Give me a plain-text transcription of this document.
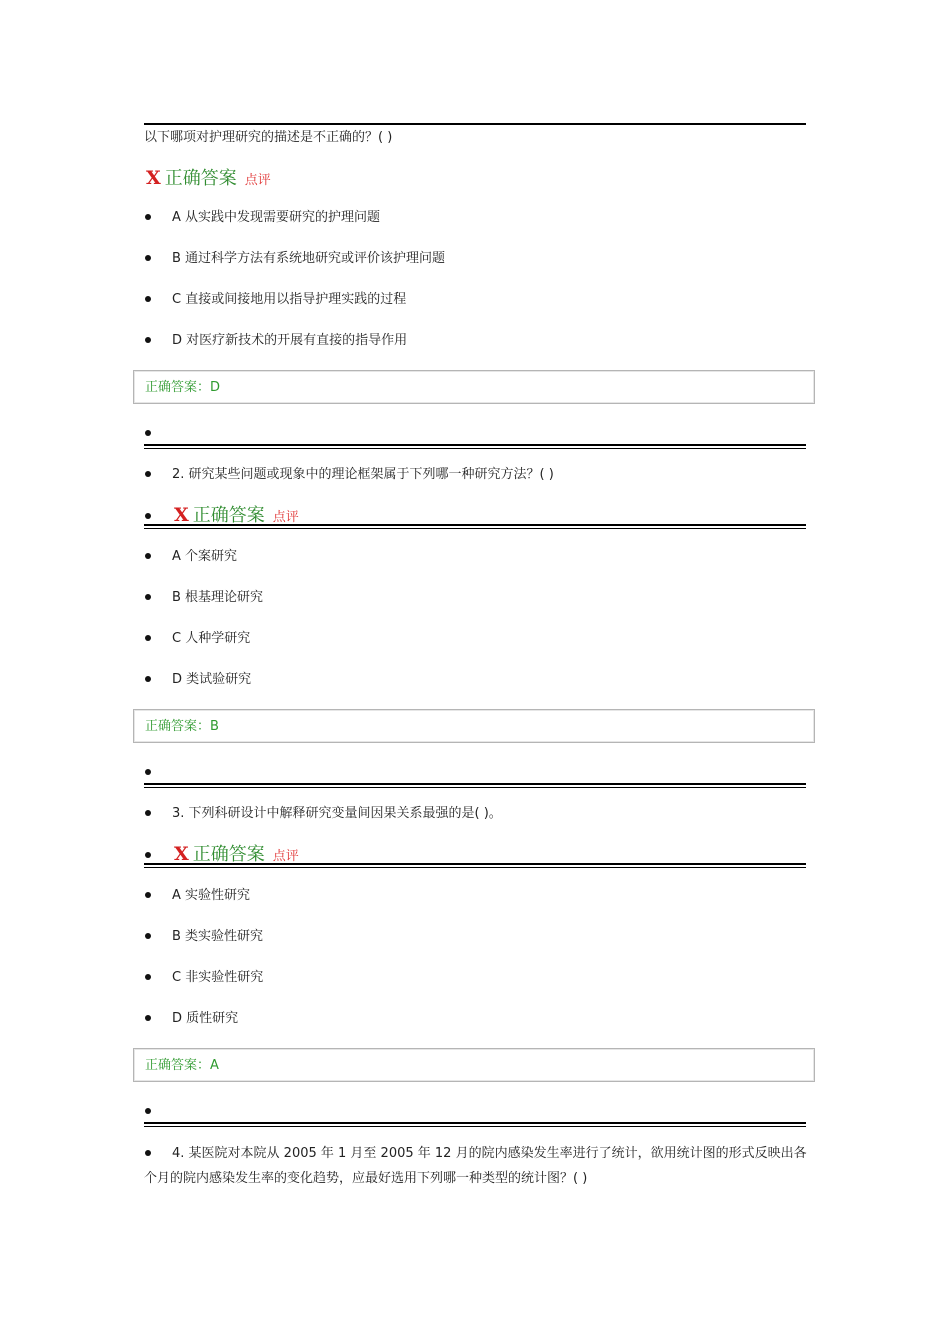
以下哪项对护理研究的描述是不正确的？( )
X 正确答案 点评
A 从实践中发现需要研究的护理问题
B 通过科学方法有系统地研究或评价该护理问题
C 直接或间接地用以指导护理实践的过程
D 对医疗新技术的开展有直接的指导作用
正确答案：D
2. 研究某些问题或现象中的理论框架属于下列哪一种研究方法？( )
X 正确答案 点评
A 个案研究
B 根基理论研究
C 人种学研究
D 类试验研究
正确答案：B
3. 下列科研设计中解释研究变量间因果关系最强的是( )。
X 正确答案 点评
A 实验性研究
B 类实验性研究
C 非实验性研究
D 质性研究
正确答案：A
4. 某医院对本院从 2005 年 1 月至 2005 年 12 月的院内感染发生率进行了统计，欲用统计图的形式反映出各个月的院内感染发生率的变化趋势，应最好选用下列哪一种类型的统计图？( )
